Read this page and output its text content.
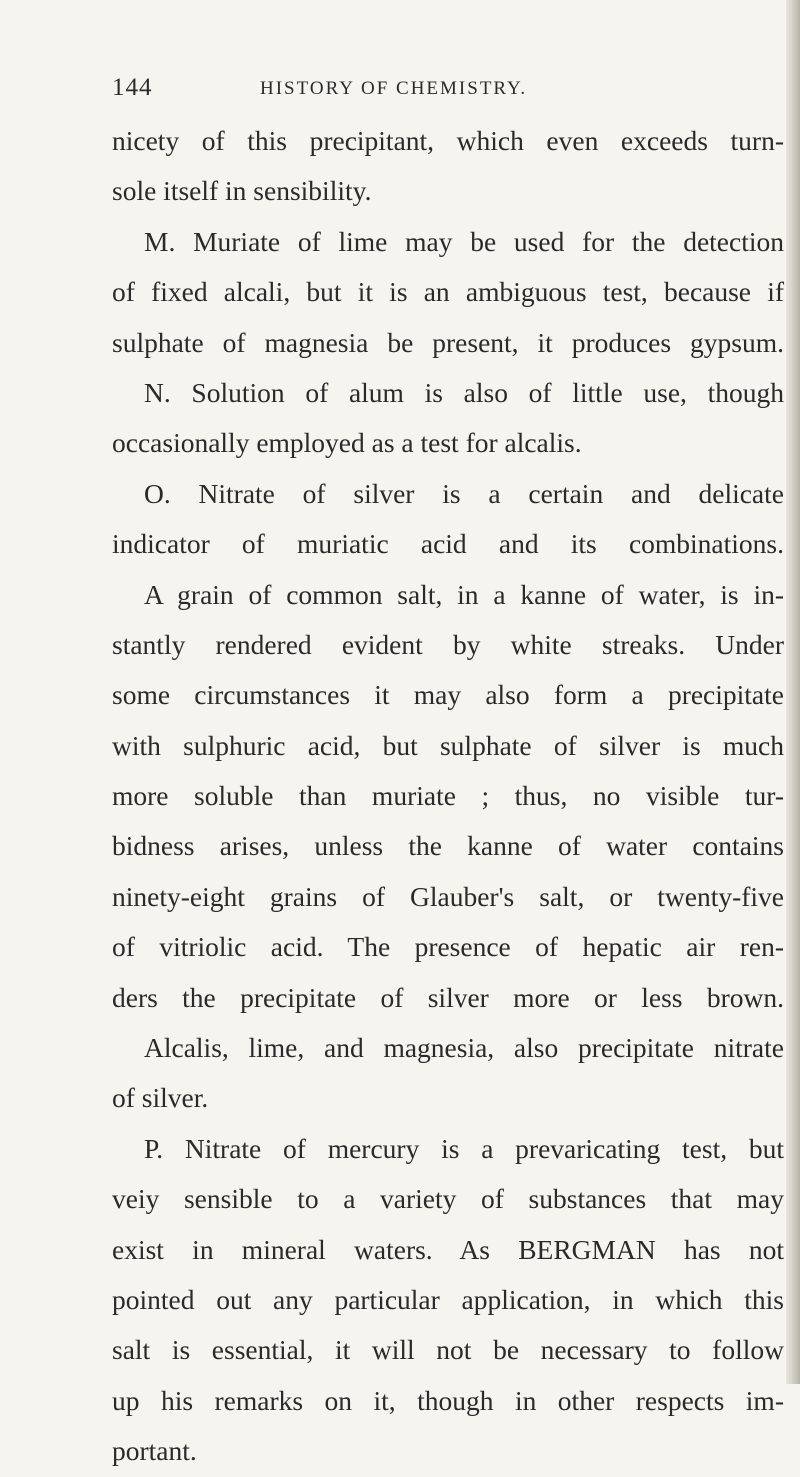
144	HISTORY OF CHEMISTRY.
nicety of this precipitant, which even exceeds turn-
sole itself in sensibility.
M. Muriate of lime may be used for the detection
of fixed alcali, but it is an ambiguous test, because if
sulphate of magnesia be present, it produces gypsum.
N. Solution of alum is also of little use, though
occasionally employed as a test for alcalis.
O. Nitrate of silver is a certain and delicate
indicator of muriatic acid and its combinations.
A grain of common salt, in a kanne of water, is in-
stantly rendered evident by white streaks. Under
some circumstances it may also form a precipitate
with sulphuric acid, but sulphate of silver is much
more soluble than muriate ; thus, no visible tur-
bidness arises, unless the kanne of water contains
ninety-eight grains of Glauber's salt, or twenty-five
of vitriolic acid. The presence of hepatic air ren-
ders the precipitate of silver more or less brown.
Alcalis, lime, and magnesia, also precipitate nitrate
of silver.
P. Nitrate of mercury is a prevaricating test, but
veiy sensible to a variety of substances that may
exist in mineral waters. As BERGMAN has not
pointed out any particular application, in which this
salt is essential, it will not be necessary to follow
up his remarks on it, though in other respects im-
portant.
